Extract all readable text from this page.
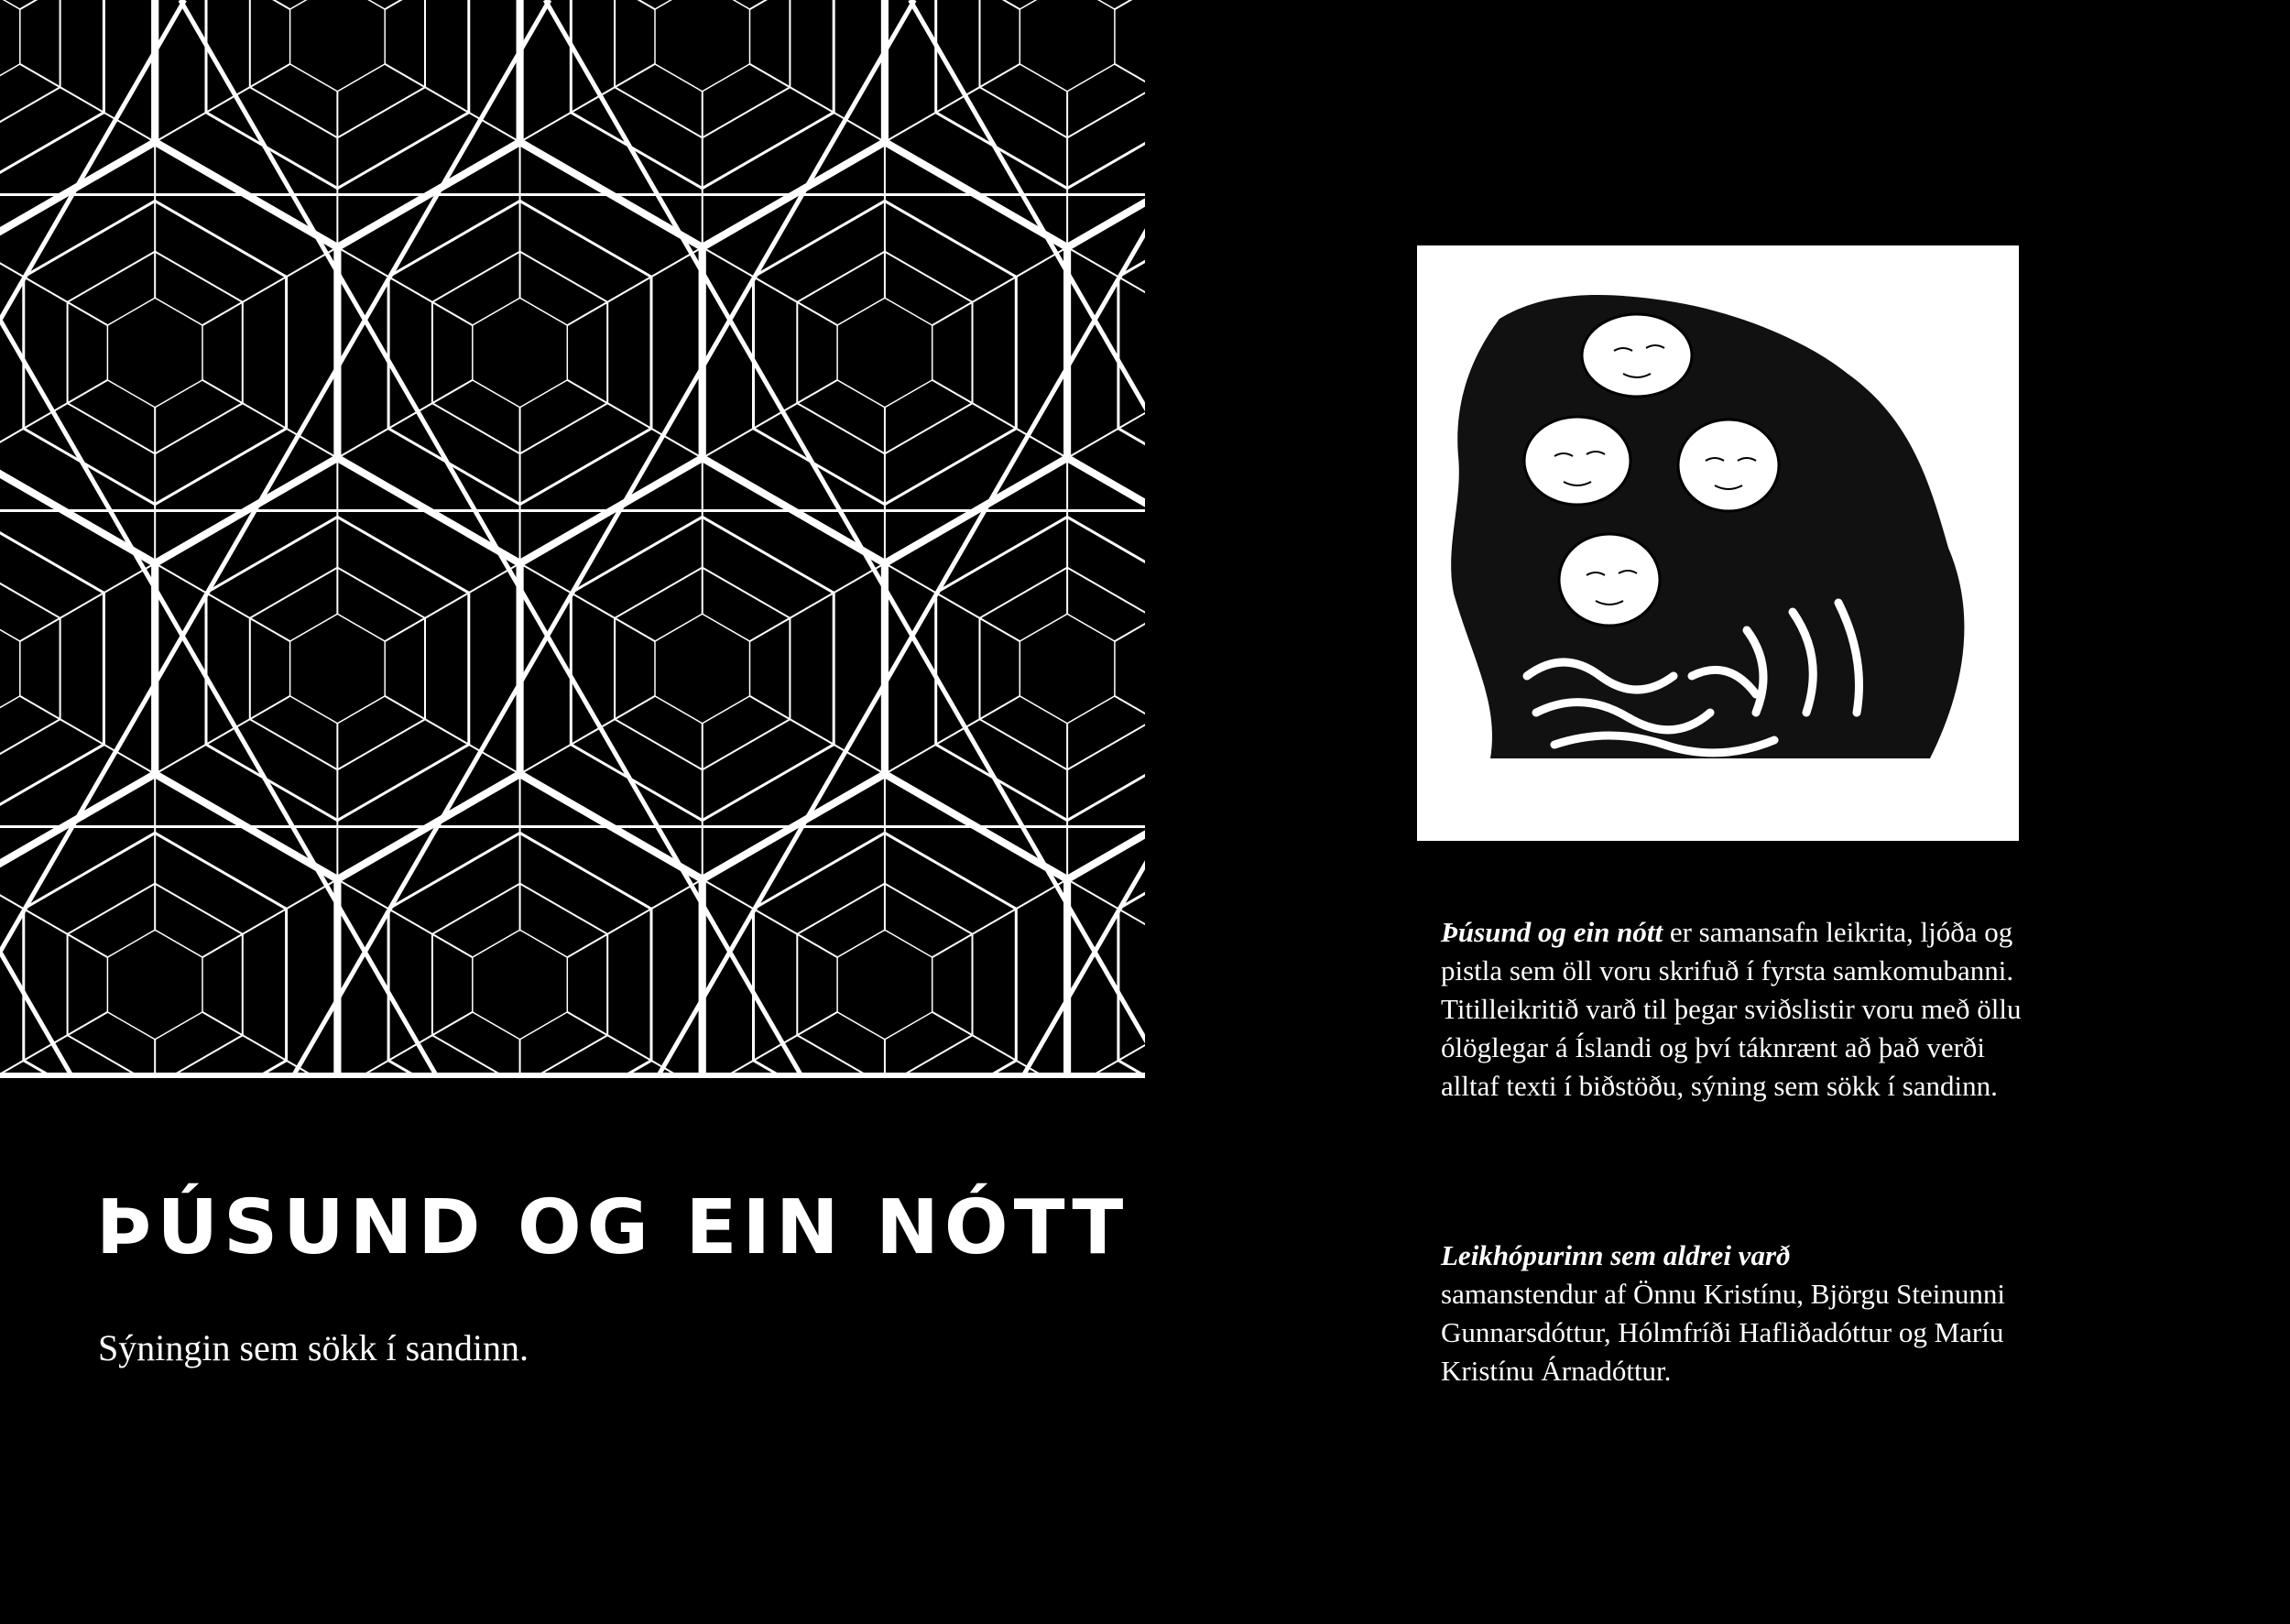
ÞÚSUND OG EIN NÓTT

Sýningin sem sökk í sandinn.

Þúsund og ein nótt er samansafn leikrita, ljóða og pistla sem öll voru skrifuð í fyrsta samkomubanni. Titilleikritið varð til þegar sviðslistir voru með öllu ólöglegar á Íslandi og því táknrænt að það verði alltaf texti í biðstöðu, sýning sem sökk í sandinn.

Leikhópurinn sem aldrei varð
samanstendur af Önnu Kristínu, Björgu Steinunni Gunnarsdóttur, Hólmfríði Hafliðadóttur og Maríu Kristínu Árnadóttur.
